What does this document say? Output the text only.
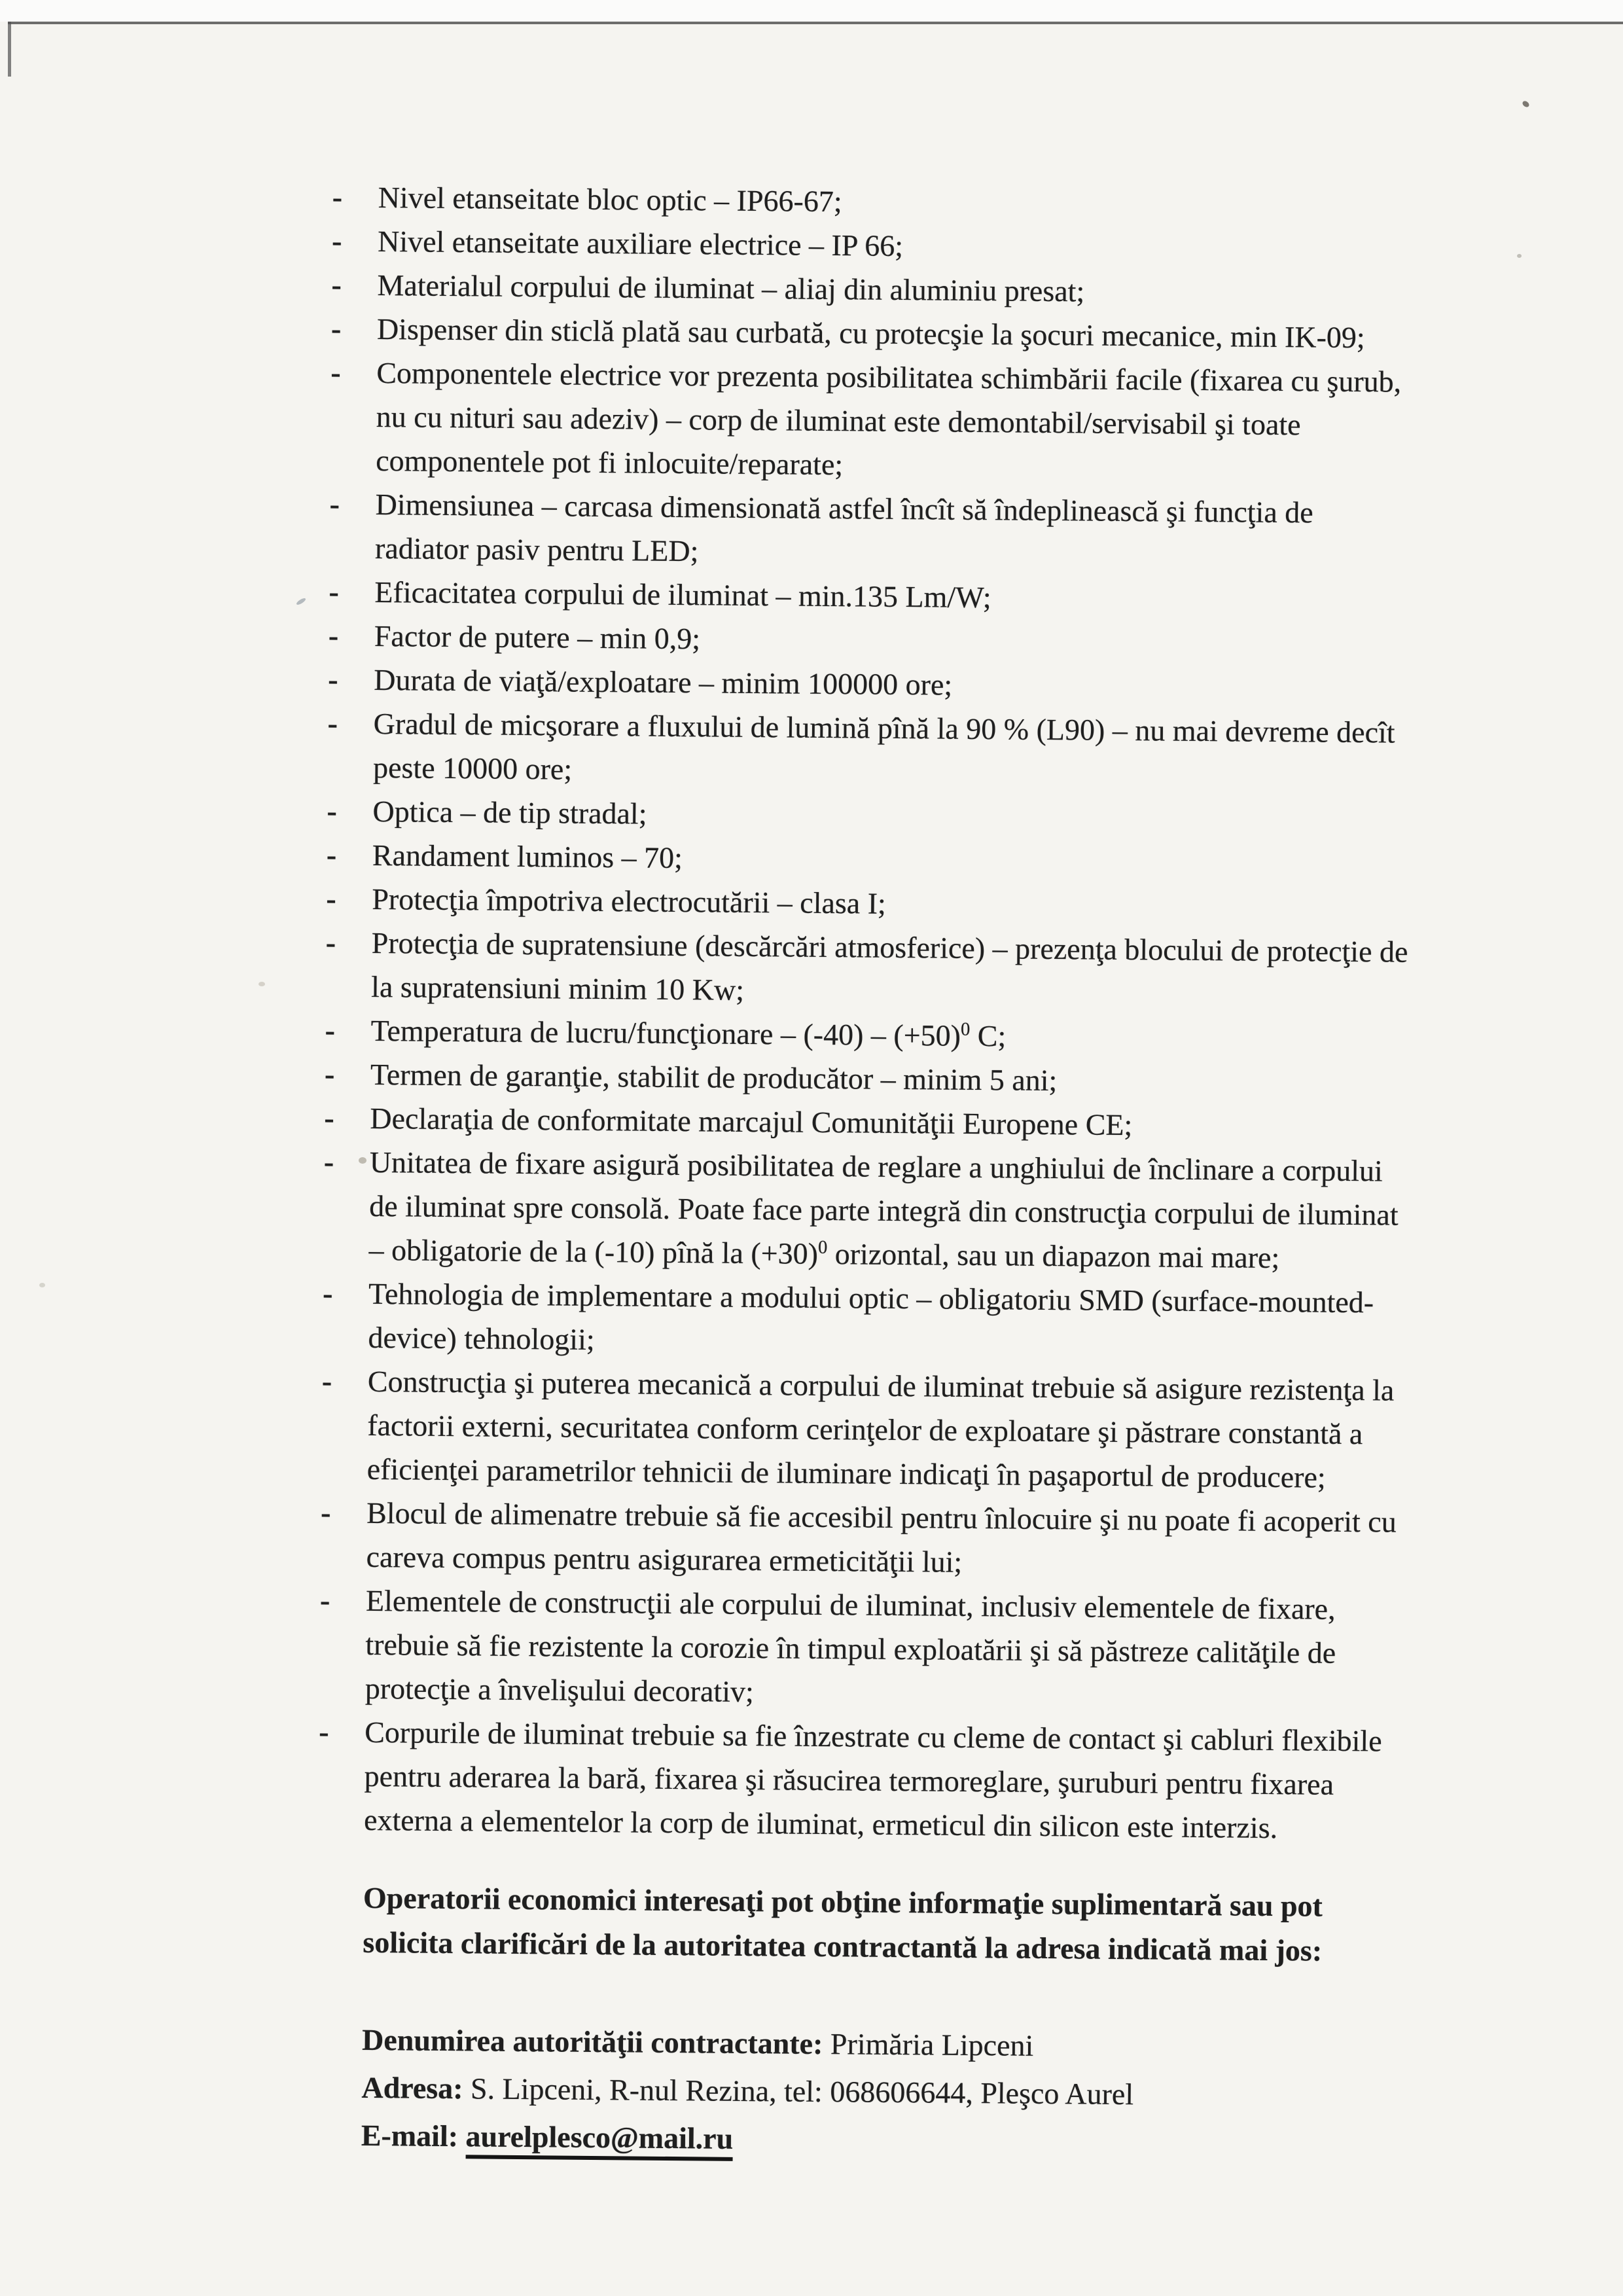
- Nivel etanseitate bloc optic – IP66-67;
- Nivel etanseitate auxiliare electrice – IP 66;
- Materialul corpului de iluminat – aliaj din aluminiu presat;
- Dispenser din sticlă plată sau curbată, cu protecşie la şocuri mecanice, min IK-09;
- Componentele electrice vor prezenta posibilitatea schimbării facile (fixarea cu şurub,
nu cu nituri sau adeziv) – corp de iluminat este demontabil/servisabil şi toate
componentele pot fi inlocuite/reparate;
- Dimensiunea – carcasa dimensionată astfel încît să îndeplinească şi funcţia de
radiator pasiv pentru LED;
- Eficacitatea corpului de iluminat – min.135 Lm/W;
- Factor de putere – min 0,9;
- Durata de viaţă/exploatare – minim 100000 ore;
- Gradul de micşorare a fluxului de lumină pînă la 90 % (L90) – nu mai devreme decît
peste 10000 ore;
- Optica – de tip stradal;
- Randament luminos – 70;
- Protecţia împotriva electrocutării – clasa I;
- Protecţia de supratensiune (descărcări atmosferice) – prezenţa blocului de protecţie de
la supratensiuni minim 10 Kw;
- Temperatura de lucru/funcţionare – $(-40) - (+50)^0$ C;
- Termen de garanţie, stabilit de producător – minim 5 ani;
- Declaraţia de conformitate marcajul Comunităţii Europene CE;
- Unitatea de fixare asigură posibilitatea de reglare a unghiului de înclinare a corpului
de iluminat spre consolă. Poate face parte integră din construcţia corpului de iluminat
– obligatorie de la (-10) pînă la $(+30)^0$ orizontal, sau un diapazon mai mare;
- Tehnologia de implementare a modului optic – obligatoriu SMD (surface-mounted-
device) tehnologii;
- Construcţia şi puterea mecanică a corpului de iluminat trebuie să asigure rezistenţa la
factorii externi, securitatea conform cerinţelor de exploatare şi păstrare constantă a
eficienţei parametrilor tehnicii de iluminare indicaţi în paşaportul de producere;
- Blocul de alimenatre trebuie să fie accesibil pentru înlocuire şi nu poate fi acoperit cu
careva compus pentru asigurarea ermeticităţii lui;
- Elementele de construcţii ale corpului de iluminat, inclusiv elementele de fixare,
trebuie să fie rezistente la corozie în timpul exploatării şi să păstreze calităţile de
protecţie a învelişului decorativ;
- Corpurile de iluminat trebuie sa fie înzestrate cu cleme de contact şi cabluri flexibile
pentru aderarea la bară, fixarea şi răsucirea termoreglare, şuruburi pentru fixarea
externa a elementelor la corp de iluminat, ermeticul din silicon este interzis.

Operatorii economici interesaţi pot obţine informaţie suplimentară sau pot
solicita clarificări de la autoritatea contractantă la adresa indicată mai jos:

Denumirea autorităţii contractante: Primăria Lipceni
Adresa: S. Lipceni, R-nul Rezina, tel: 068606644, Pleşco Aurel
E-mail: aurelplesco@mail.ru
